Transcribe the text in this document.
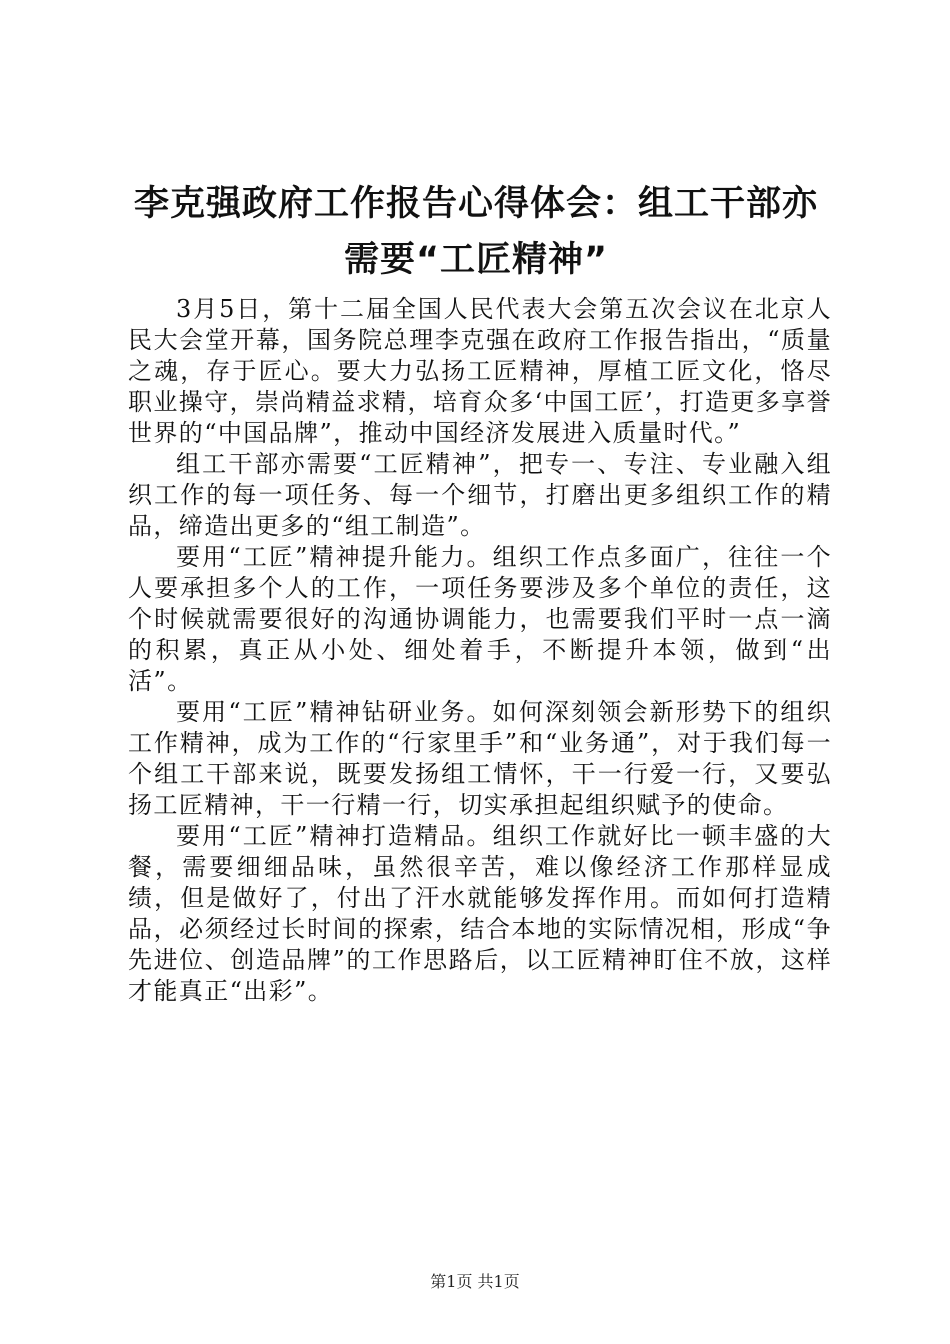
李克强政府工作报告心得体会：组工干部亦需要“工匠精神”

3月5日，第十二届全国人民代表大会第五次会议在北京人民大会堂开幕，国务院总理李克强在政府工作报告指出，“质量之魂，存于匠心。要大力弘扬工匠精神，厚植工匠文化，恪尽职业操守，崇尚精益求精，培育众多‘中国工匠’，打造更多享誉世界的“中国品牌”，推动中国经济发展进入质量时代。”

组工干部亦需要“工匠精神”，把专一、专注、专业融入组织工作的每一项任务、每一个细节，打磨出更多组织工作的精品，缔造出更多的“组工制造”。

要用“工匠”精神提升能力。组织工作点多面广，往往一个人要承担多个人的工作，一项任务要涉及多个单位的责任，这个时候就需要很好的沟通协调能力，也需要我们平时一点一滴的积累，真正从小处、细处着手，不断提升本领，做到“出活”。

要用“工匠”精神钻研业务。如何深刻领会新形势下的组织工作精神，成为工作的“行家里手”和“业务通”，对于我们每一个组工干部来说，既要发扬组工情怀，干一行爱一行，又要弘扬工匠精神，干一行精一行，切实承担起组织赋予的使命。

要用“工匠”精神打造精品。组织工作就好比一顿丰盛的大餐，需要细细品味，虽然很辛苦，难以像经济工作那样显成绩，但是做好了，付出了汗水就能够发挥作用。而如何打造精品，必须经过长时间的探索，结合本地的实际情况相，形成“争先进位、创造品牌”的工作思路后，以工匠精神盯住不放，这样才能真正“出彩”。

第1页 共1页
